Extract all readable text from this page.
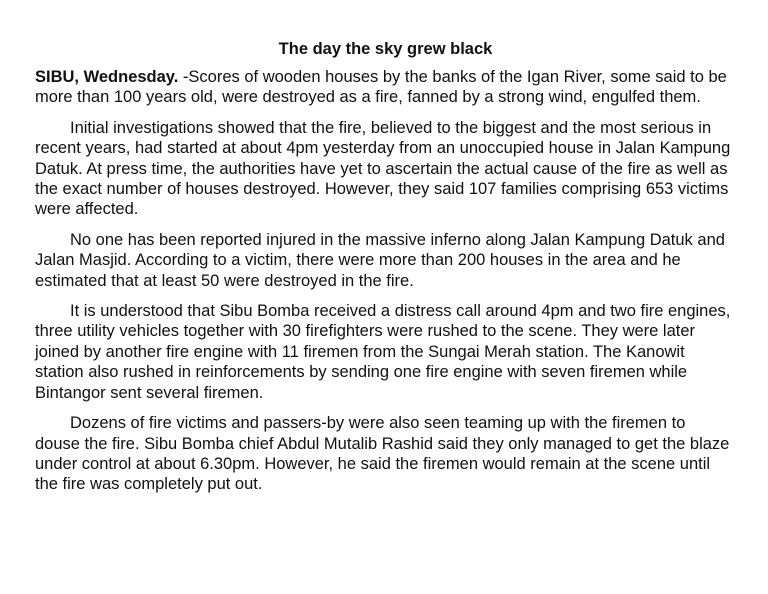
The day the sky grew black

SIBU, Wednesday. -Scores of wooden houses by the banks of the Igan River, some said to be more than 100 years old, were destroyed as a fire, fanned by a strong wind, engulfed them.

Initial investigations showed that the fire, believed to the biggest and the most serious in recent years, had started at about 4pm yesterday from an unoccupied house in Jalan Kampung Datuk. At press time, the authorities have yet to ascertain the actual cause of the fire as well as the exact number of houses destroyed. However, they said 107 families comprising 653 victims were affected.

No one has been reported injured in the massive inferno along Jalan Kampung Datuk and Jalan Masjid. According to a victim, there were more than 200 houses in the area and he estimated that at least 50 were destroyed in the fire.

It is understood that Sibu Bomba received a distress call around 4pm and two fire engines, three utility vehicles together with 30 firefighters were rushed to the scene. They were later joined by another fire engine with 11 firemen from the Sungai Merah station. The Kanowit station also rushed in reinforcements by sending one fire engine with seven firemen while Bintangor sent several firemen.

Dozens of fire victims and passers-by were also seen teaming up with the firemen to douse the fire. Sibu Bomba chief Abdul Mutalib Rashid said they only managed to get the blaze under control at about 6.30pm. However, he said the firemen would remain at the scene until the fire was completely put out.
